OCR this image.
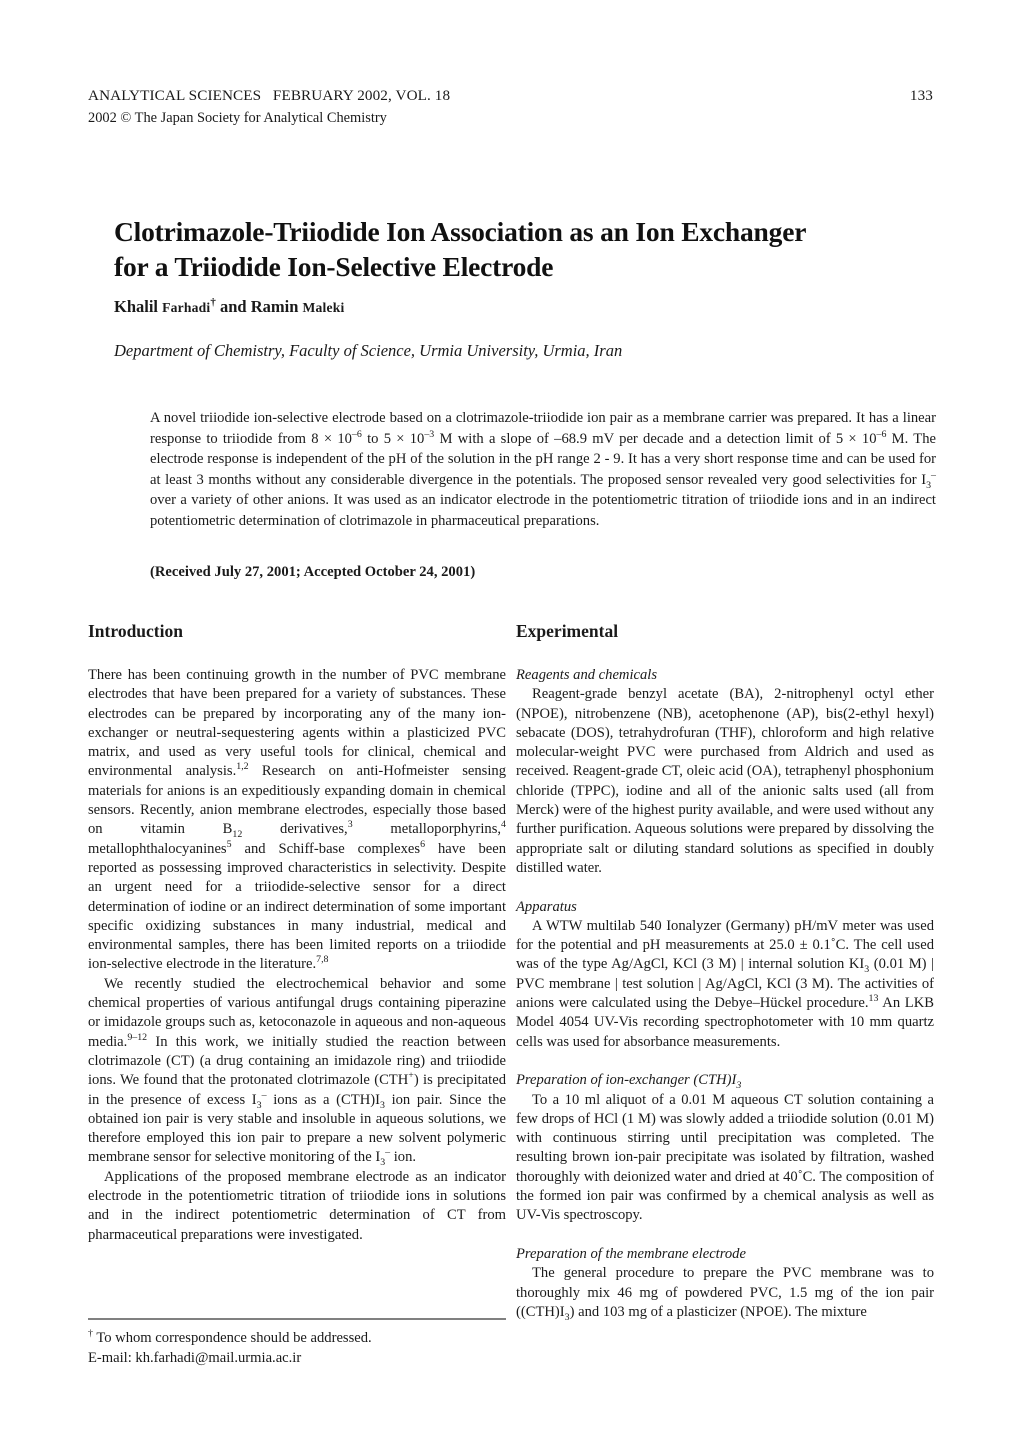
ANALYTICAL SCIENCES   FEBRUARY 2002, VOL. 18	133
2002 © The Japan Society for Analytical Chemistry
Clotrimazole-Triiodide Ion Association as an Ion Exchanger
for a Triiodide Ion-Selective Electrode
Khalil Farhadi† and Ramin Maleki
Department of Chemistry, Faculty of Science, Urmia University, Urmia, Iran

A novel triiodide ion-selective electrode based on a clotrimazole-triiodide ion pair as a membrane carrier was prepared. It has a linear response to triiodide from $8 \times 10^{-6}$ to $5 \times 10^{-3}$ M with a slope of –68.9 mV per decade and a detection limit of $5 \times 10^{-6}$ M. The electrode response is independent of the pH of the solution in the pH range 2 - 9. It has a very short response time and can be used for at least 3 months without any considerable divergence in the potentials. The proposed sensor revealed very good selectivities for $I_3^-$ over a variety of other anions. It was used as an indicator electrode in the potentiometric titration of triiodide ions and in an indirect potentiometric determination of clotrimazole in pharmaceutical preparations.

(Received July 27, 2001; Accepted October 24, 2001)
Introduction

There has been continuing growth in the number of PVC membrane electrodes that have been prepared for a variety of substances. These electrodes can be prepared by incorporating any of the many ion-exchanger or neutral-sequestering agents within a plasticized PVC matrix, and used as very useful tools for clinical, chemical and environmental analysis.$^{1,2}$ Research on anti-Hofmeister sensing materials for anions is an expeditiously expanding domain in chemical sensors. Recently, anion membrane electrodes, especially those based on vitamin $B_{12}$ derivatives,$^3$ metalloporphyrins,$^4$ metallophthalocyanines$^5$ and Schiff-base complexes$^6$ have been reported as possessing improved characteristics in selectivity. Despite an urgent need for a triiodide-selective sensor for a direct determination of iodine or an indirect determination of some important specific oxidizing substances in many industrial, medical and environmental samples, there has been limited reports on a triiodide ion-selective electrode in the literature.$^{7,8}$

We recently studied the electrochemical behavior and some chemical properties of various antifungal drugs containing piperazine or imidazole groups such as, ketoconazole in aqueous and non-aqueous media.$^{9-12}$ In this work, we initially studied the reaction between clotrimazole (CT) (a drug containing an imidazole ring) and triiodide ions. We found that the protonated clotrimazole (CTH+) is precipitated in the presence of excess $I_3^-$ ions as a $(CTH)I_3$ ion pair. Since the obtained ion pair is very stable and insoluble in aqueous solutions, we therefore employed this ion pair to prepare a new solvent polymeric membrane sensor for selective monitoring of the $I_3^-$ ion.

Applications of the proposed membrane electrode as an indicator electrode in the potentiometric titration of triiodide ions in solutions and in the indirect potentiometric determination of CT from pharmaceutical preparations were investigated.

Experimental

Reagents and chemicals

Reagent-grade benzyl acetate (BA), 2-nitrophenyl octyl ether (NPOE), nitrobenzene (NB), acetophenone (AP), bis(2-ethyl hexyl) sebacate (DOS), tetrahydrofuran (THF), chloroform and high relative molecular-weight PVC were purchased from Aldrich and used as received. Reagent-grade CT, oleic acid (OA), tetraphenyl phosphonium chloride (TPPC), iodine and all of the anionic salts used (all from Merck) were of the highest purity available, and were used without any further purification. Aqueous solutions were prepared by dissolving the appropriate salt or diluting standard solutions as specified in doubly distilled water.

Apparatus

A WTW multilab 540 Ionalyzer (Germany) pH/mV meter was used for the potential and pH measurements at 25.0 ± 0.1˚C. The cell used was of the type Ag/AgCl, KCl (3 M) | internal solution $KI_3$ (0.01 M) | PVC membrane | test solution | Ag/AgCl, KCl (3 M). The activities of anions were calculated using the Debye–Hückel procedure.$^{13}$ An LKB Model 4054 UV-Vis recording spectrophotometer with 10 mm quartz cells was used for absorbance measurements.

Preparation of ion-exchanger $(CTH)I_3$

To a 10 ml aliquot of a 0.01 M aqueous CT solution containing a few drops of HCl (1 M) was slowly added a triiodide solution (0.01 M) with continuous stirring until precipitation was completed. The resulting brown ion-pair precipitate was isolated by filtration, washed thoroughly with deionized water and dried at 40˚C. The composition of the formed ion pair was confirmed by a chemical analysis as well as UV-Vis spectroscopy.

Preparation of the membrane electrode

The general procedure to prepare the PVC membrane was to thoroughly mix 46 mg of powdered PVC, 1.5 mg of the ion pair $((CTH)I_3)$ and 103 mg of a plasticizer (NPOE). The mixture

† To whom correspondence should be addressed.

E-mail: kh.farhadi@mail.urmia.ac.ir
